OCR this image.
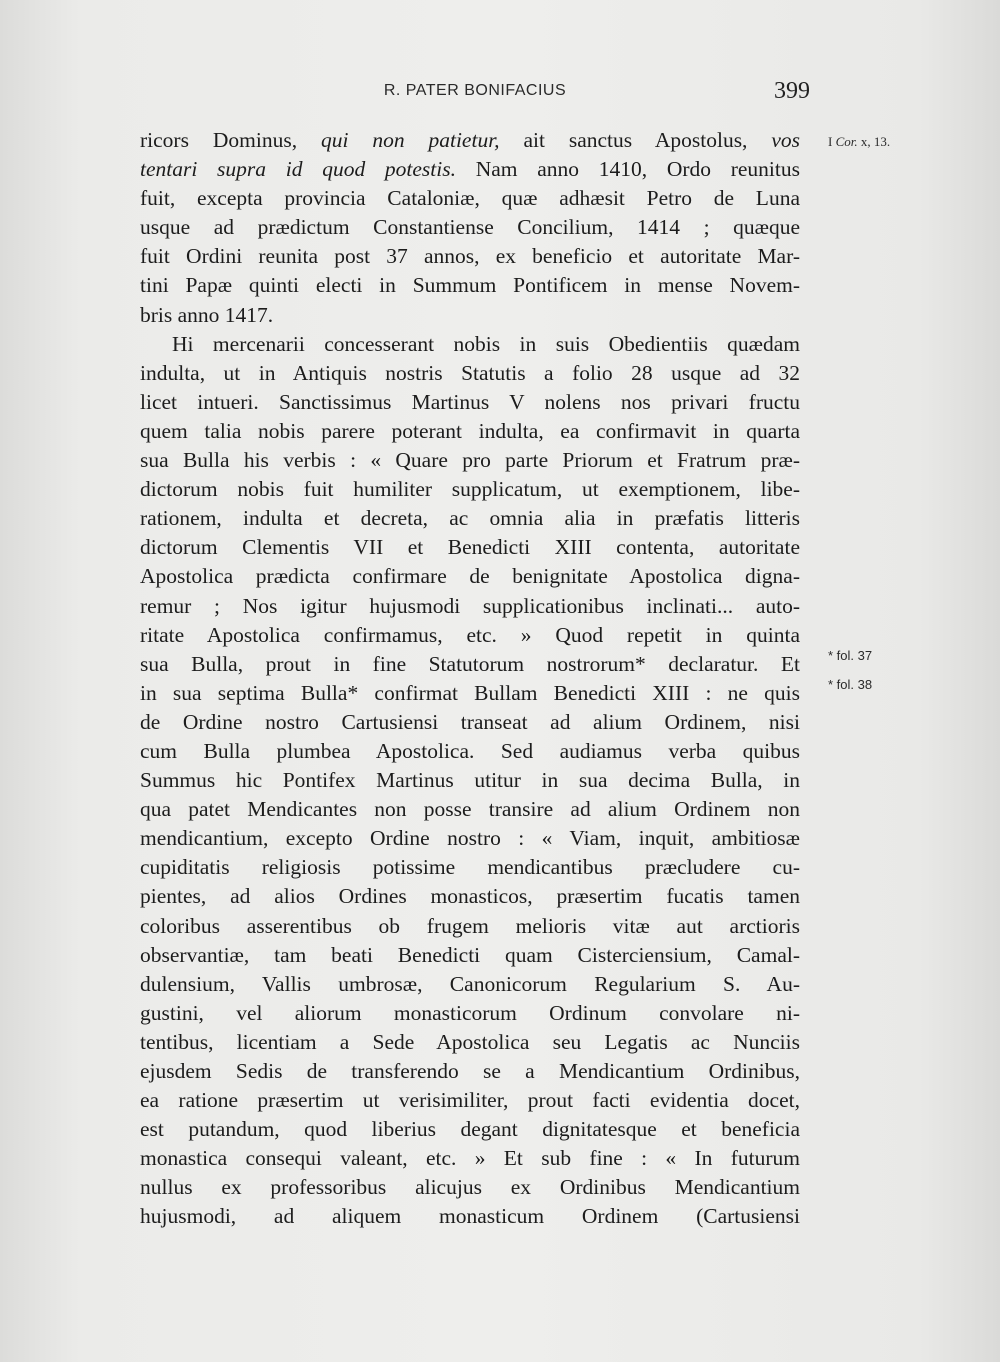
R. PATER BONIFACIUS	399
ricors Dominus, qui non patietur, ait sanctus Apostolus, vos
tentari supra id quod potestis. Nam anno 1410, Ordo reunitus
fuit, excepta provincia Cataloniæ, quæ adhæsit Petro de Luna
usque ad prædictum Constantiense Concilium, 1414 ; quæque
fuit Ordini reunita post 37 annos, ex beneficio et autoritate Mar-
tini Papæ quinti electi in Summum Pontificem in mense Novem-
bris anno 1417.
Hi mercenarii concesserant nobis in suis Obedientiis quædam
indulta, ut in Antiquis nostris Statutis a folio 28 usque ad 32
licet intueri. Sanctissimus Martinus V nolens nos privari fructu
quem talia nobis parere poterant indulta, ea confirmavit in quarta
sua Bulla his verbis : « Quare pro parte Priorum et Fratrum præ-
dictorum nobis fuit humiliter supplicatum, ut exemptionem, libe-
rationem, indulta et decreta, ac omnia alia in præfatis litteris
dictorum Clementis VII et Benedicti XIII contenta, autoritate
Apostolica prædicta confirmare de benignitate Apostolica digna-
remur ; Nos igitur hujusmodi supplicationibus inclinati... auto-
ritate Apostolica confirmamus, etc. » Quod repetit in quinta
sua Bulla, prout in fine Statutorum nostrorum* declaratur. Et
in sua septima Bulla* confirmat Bullam Benedicti XIII : ne quis
de Ordine nostro Cartusiensi transeat ad alium Ordinem, nisi
cum Bulla plumbea Apostolica. Sed audiamus verba quibus
Summus hic Pontifex Martinus utitur in sua decima Bulla, in
qua patet Mendicantes non posse transire ad alium Ordinem non
mendicantium, excepto Ordine nostro : « Viam, inquit, ambitiosæ
cupiditatis religiosis potissime mendicantibus præcludere cu-
pientes, ad alios Ordines monasticos, præsertim fucatis tamen
coloribus asserentibus ob frugem melioris vitæ aut arctioris
observantiæ, tam beati Benedicti quam Cisterciensium, Camal-
dulensium, Vallis umbrosæ, Canonicorum Regularium S. Au-
gustini, vel aliorum monasticorum Ordinum convolare ni-
tentibus, licentiam a Sede Apostolica seu Legatis ac Nunciis
ejusdem Sedis de transferendo se a Mendicantium Ordinibus,
ea ratione præsertim ut verisimiliter, prout facti evidentia docet,
est putandum, quod liberius degant dignitatesque et beneficia
monastica consequi valeant, etc. » Et sub fine : « In futurum
nullus ex professoribus alicujus ex Ordinibus Mendicantium
hujusmodi, ad aliquem monasticum Ordinem (Cartusiensi
I Cor. x, 13.
* fol. 37
* fol. 38
